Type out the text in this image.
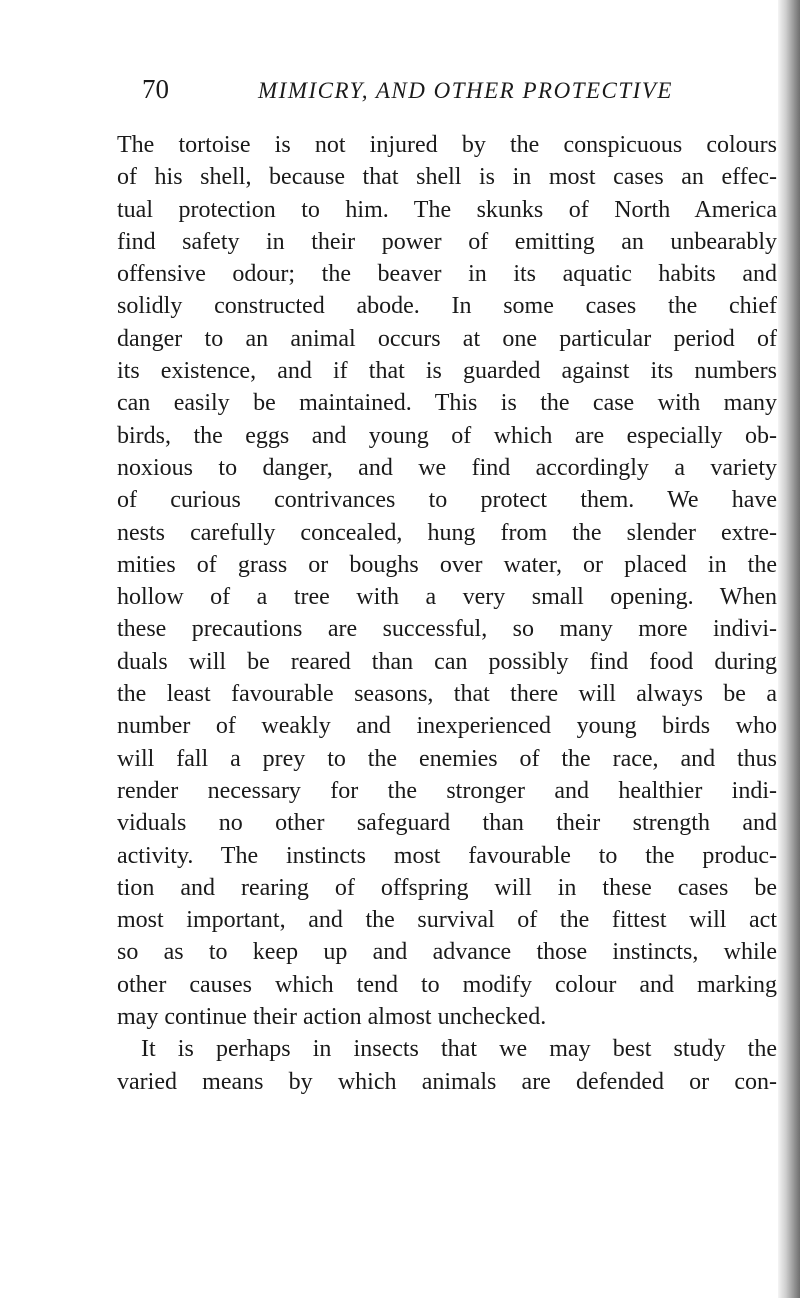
70	MIMICRY, AND OTHER PROTECTIVE
The tortoise is not injured by the conspicuous colours
of his shell, because that shell is in most cases an effec-
tual protection to him. The skunks of North America
find safety in their power of emitting an unbearably
offensive odour; the beaver in its aquatic habits and
solidly constructed abode. In some cases the chief
danger to an animal occurs at one particular period of
its existence, and if that is guarded against its numbers
can easily be maintained. This is the case with many
birds, the eggs and young of which are especially ob-
noxious to danger, and we find accordingly a variety
of curious contrivances to protect them. We have
nests carefully concealed, hung from the slender extre-
mities of grass or boughs over water, or placed in the
hollow of a tree with a very small opening. When
these precautions are successful, so many more indivi-
duals will be reared than can possibly find food during
the least favourable seasons, that there will always be a
number of weakly and inexperienced young birds who
will fall a prey to the enemies of the race, and thus
render necessary for the stronger and healthier indi-
viduals no other safeguard than their strength and
activity. The instincts most favourable to the produc-
tion and rearing of offspring will in these cases be
most important, and the survival of the fittest will act
so as to keep up and advance those instincts, while
other causes which tend to modify colour and marking
may continue their action almost unchecked.
It is perhaps in insects that we may best study the
varied means by which animals are defended or con-
